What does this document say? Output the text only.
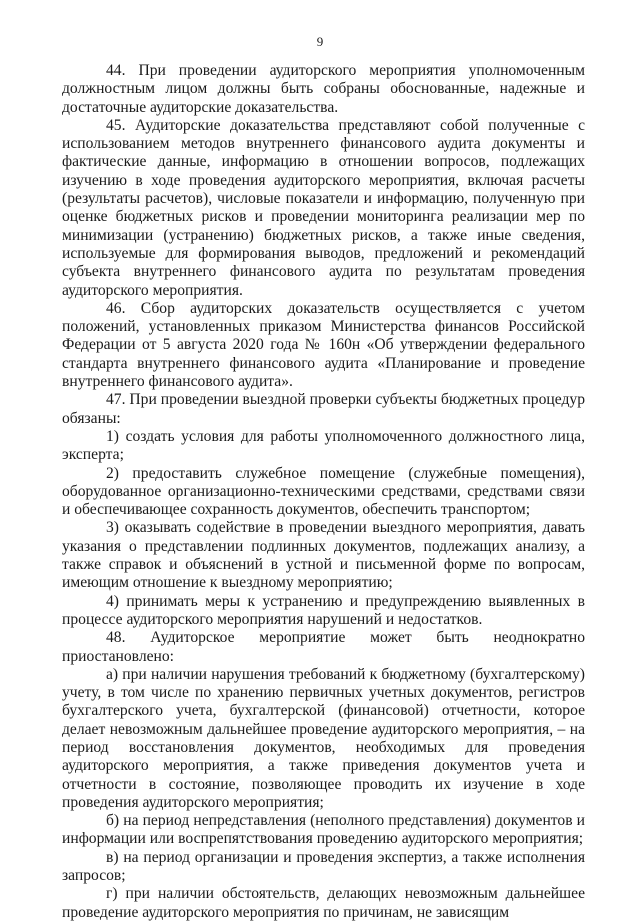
9

44. При проведении аудиторского мероприятия уполномоченным должностным лицом должны быть собраны обоснованные, надежные и достаточные аудиторские доказательства.

45. Аудиторские доказательства представляют собой полученные с использованием методов внутреннего финансового аудита документы и фактические данные, информацию в отношении вопросов, подлежащих изучению в ходе проведения аудиторского мероприятия, включая расчеты (результаты расчетов), числовые показатели и информацию, полученную при оценке бюджетных рисков и проведении мониторинга реализации мер по минимизации (устранению) бюджетных рисков, а также иные сведения, используемые для формирования выводов, предложений и рекомендаций субъекта внутреннего финансового аудита по результатам проведения аудиторского мероприятия.

46. Сбор аудиторских доказательств осуществляется с учетом положений, установленных приказом Министерства финансов Российской Федерации от 5 августа 2020 года № 160н «Об утверждении федерального стандарта внутреннего финансового аудита «Планирование и проведение внутреннего финансового аудита».

47. При проведении выездной проверки субъекты бюджетных процедур обязаны:

1) создать условия для работы уполномоченного должностного лица, эксперта;

2) предоставить служебное помещение (служебные помещения), оборудованное организационно-техническими средствами, средствами связи и обеспечивающее сохранность документов, обеспечить транспортом;

3) оказывать содействие в проведении выездного мероприятия, давать указания о представлении подлинных документов, подлежащих анализу, а также справок и объяснений в устной и письменной форме по вопросам, имеющим отношение к выездному мероприятию;

4) принимать меры к устранению и предупреждению выявленных в процессе аудиторского мероприятия нарушений и недостатков.

48. Аудиторское мероприятие может быть неоднократно приостановлено:

а) при наличии нарушения требований к бюджетному (бухгалтерскому) учету, в том числе по хранению первичных учетных документов, регистров бухгалтерского учета, бухгалтерской (финансовой) отчетности, которое делает невозможным дальнейшее проведение аудиторского мероприятия, – на период восстановления документов, необходимых для проведения аудиторского мероприятия, а также приведения документов учета и отчетности в состояние, позволяющее проводить их изучение в ходе проведения аудиторского мероприятия;

б) на период непредставления (неполного представления) документов и информации или воспрепятствования проведению аудиторского мероприятия;

в) на период организации и проведения экспертиз, а также исполнения запросов;

г) при наличии обстоятельств, делающих невозможным дальнейшее проведение аудиторского мероприятия по причинам, не зависящим
